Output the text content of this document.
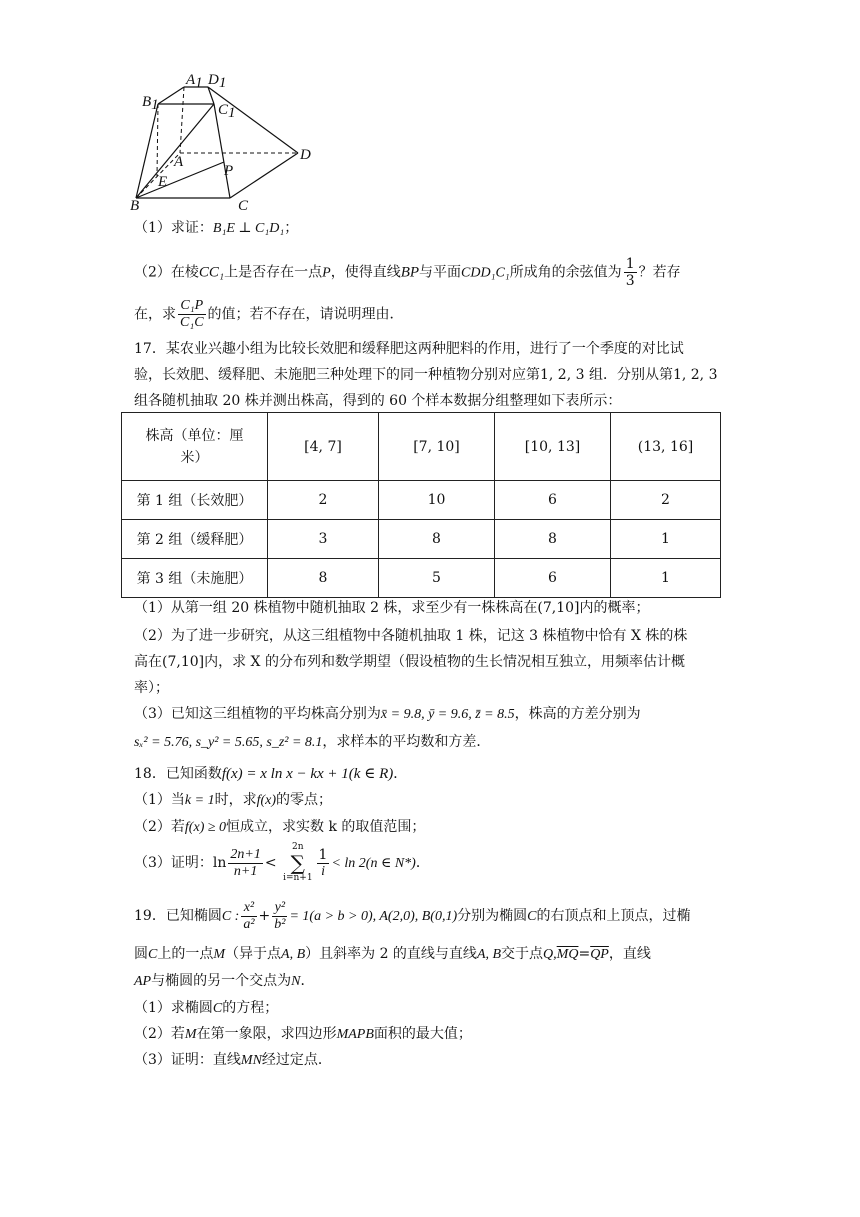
A1 D1
B1	C1
A	D
E
P
B	C
（1）求证：B₁E ⊥ C₁D₁；
（2）在棱CC₁上是否存在一点P，使得直线BP与平面CDD₁C₁所成角的余弦值为 $\frac{1}{3}$ ？若存
在，求 $\frac{\text{C₁P}}{\text{C₁C}}$ 的值；若不存在，请说明理由．
17．某农业兴趣小组为比较长效肥和缓释肥这两种肥料的作用，进行了一个季度的对比试
验，长效肥、缓释肥、未施肥三种处理下的同一种植物分别对应第1, 2, 3 组．分别从第1, 2, 3
组各随机抽取 20 株并测出株高，得到的 60 个样本数据分组整理如下表所示：
株高（单位：厘米）	[4, 7]	[7, 10]	[10, 13]	(13, 16]
第 1 组（长效肥）	2	10	6	2
第 2 组（缓释肥）	3	8	8	1
第 3 组（未施肥）	8	5	6	1
（1）从第一组 20 株植物中随机抽取 2 株，求至少有一株株高在(7,10]内的概率；
（2）为了进一步研究，从这三组植物中各随机抽取 1 株，记这 3 株植物中恰有 X 株的株
高在(7,10]内，求 X 的分布列和数学期望（假设植物的生长情况相互独立，用频率估计概
率）；
（3）已知这三组植物的平均株高分别为x̄ = 9.8, ȳ = 9.6, z̄ = 8.5，株高的方差分别为
sₓ² = 5.76, s_y² = 5.65, s_z² = 8.1，求样本的平均数和方差．
18．已知函数f(x) = x ln x − kx + 1(k ∈ R)．
（1）当k = 1时，求f(x)的零点；
（2）若f(x) ≥ 0恒成立，求实数 k 的取值范围；
（3）证明：$\ln \frac{2n+1}{n+1}$ <
2n
∑
$i=n+1 \frac{1}{i} < \ln 2(n$ ∈ N*)．
19．已知椭圆C : $\frac{\text{x²}}{\text{a²}} + \frac{\text{y²}}{\text{b²}} = 1(a > b > 0)$, A(2,0), B(0,1)分别为椭圆C的右顶点和上顶点，过椭
圆C上的一点M（异于点A, B）且斜率为 2 的直线与直线A, B交于点$Q,\overline{MQ}=\overline{QP}$，直线
AP与椭圆的另一个交点为N．
（1）求椭圆C的方程；
（2）若M在第一象限，求四边形MAPB面积的最大值；
（3）证明：直线MN经过定点．
